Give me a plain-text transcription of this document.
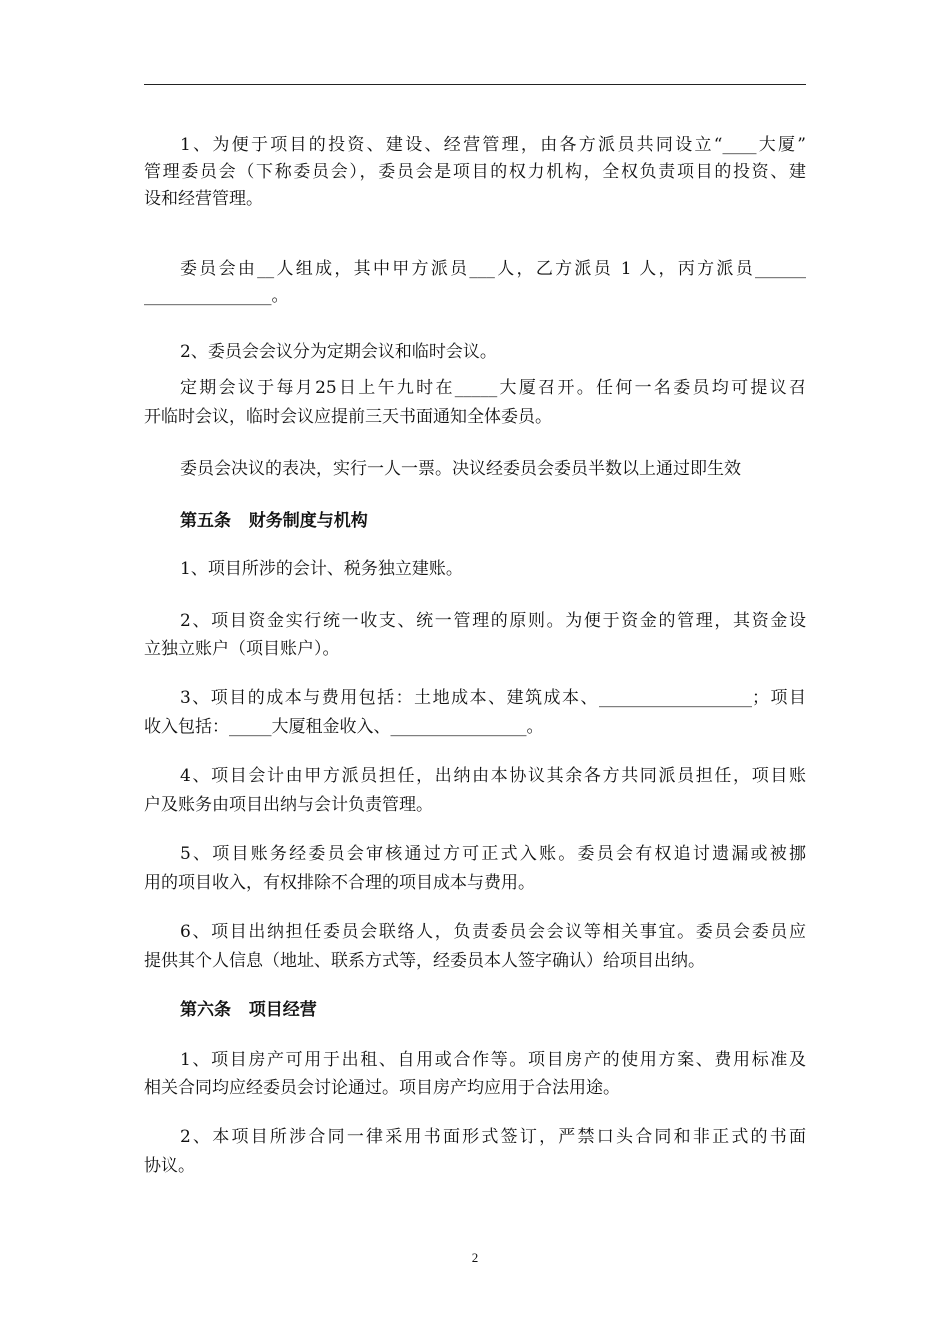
1、为便于项目的投资、建设、经营管理，由各方派员共同设立“____大厦”
管理委员会（下称委员会），委员会是项目的权力机构，全权负责项目的投资、建
设和经营管理。
委员会由__人组成，其中甲方派员___人，乙方派员 1 人，丙方派员______
_______________。
2、委员会会议分为定期会议和临时会议。
定期会议于每月25日上午九时在_____大厦召开。任何一名委员均可提议召
开临时会议，临时会议应提前三天书面通知全体委员。
委员会决议的表决，实行一人一票。决议经委员会委员半数以上通过即生效
第五条   财务制度与机构
1、项目所涉的会计、税务独立建账。
2、项目资金实行统一收支、统一管理的原则。为便于资金的管理，其资金设
立独立账户（项目账户）。
3、项目的成本与费用包括：土地成本、建筑成本、__________________；项目
收入包括：_____大厦租金收入、________________。
4、项目会计由甲方派员担任，出纳由本协议其余各方共同派员担任，项目账
户及账务由项目出纳与会计负责管理。
5、项目账务经委员会审核通过方可正式入账。委员会有权追讨遗漏或被挪
用的项目收入，有权排除不合理的项目成本与费用。
6、项目出纳担任委员会联络人，负责委员会会议等相关事宜。委员会委员应
提供其个人信息（地址、联系方式等，经委员本人签字确认）给项目出纳。
第六条   项目经营
1、项目房产可用于出租、自用或合作等。项目房产的使用方案、费用标准及
相关合同均应经委员会讨论通过。项目房产均应用于合法用途。
2、本项目所涉合同一律采用书面形式签订，严禁口头合同和非正式的书面
协议。
2
